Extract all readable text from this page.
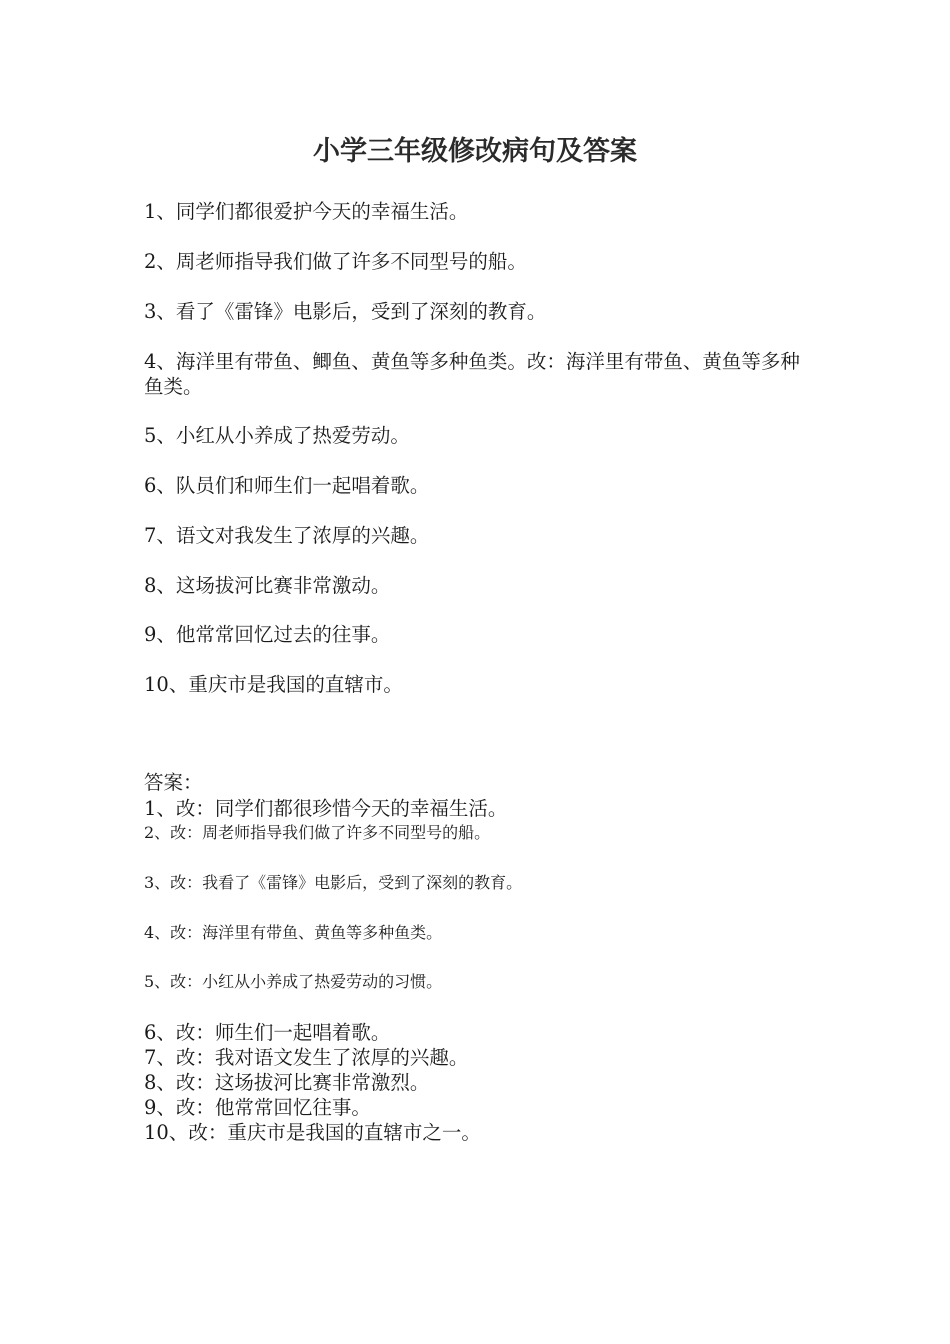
小学三年级修改病句及答案

1、同学们都很爱护今天的幸福生活。

2、周老师指导我们做了许多不同型号的船。

3、看了《雷锋》电影后，受到了深刻的教育。

4、海洋里有带鱼、鲫鱼、黄鱼等多种鱼类。改：海洋里有带鱼、黄鱼等多种鱼类。

5、小红从小养成了热爱劳动。

6、队员们和师生们一起唱着歌。

7、语文对我发生了浓厚的兴趣。

8、这场拔河比赛非常激动。

9、他常常回忆过去的往事。

10、重庆市是我国的直辖市。

答案：

1、改：同学们都很珍惜今天的幸福生活。

2、改：周老师指导我们做了许多不同型号的船。

3、改：我看了《雷锋》电影后，受到了深刻的教育。

4、改：海洋里有带鱼、黄鱼等多种鱼类。

5、改：小红从小养成了热爱劳动的习惯。

6、改：师生们一起唱着歌。

7、改：我对语文发生了浓厚的兴趣。

8、改：这场拔河比赛非常激烈。

9、改：他常常回忆往事。

10、改：重庆市是我国的直辖市之一。
